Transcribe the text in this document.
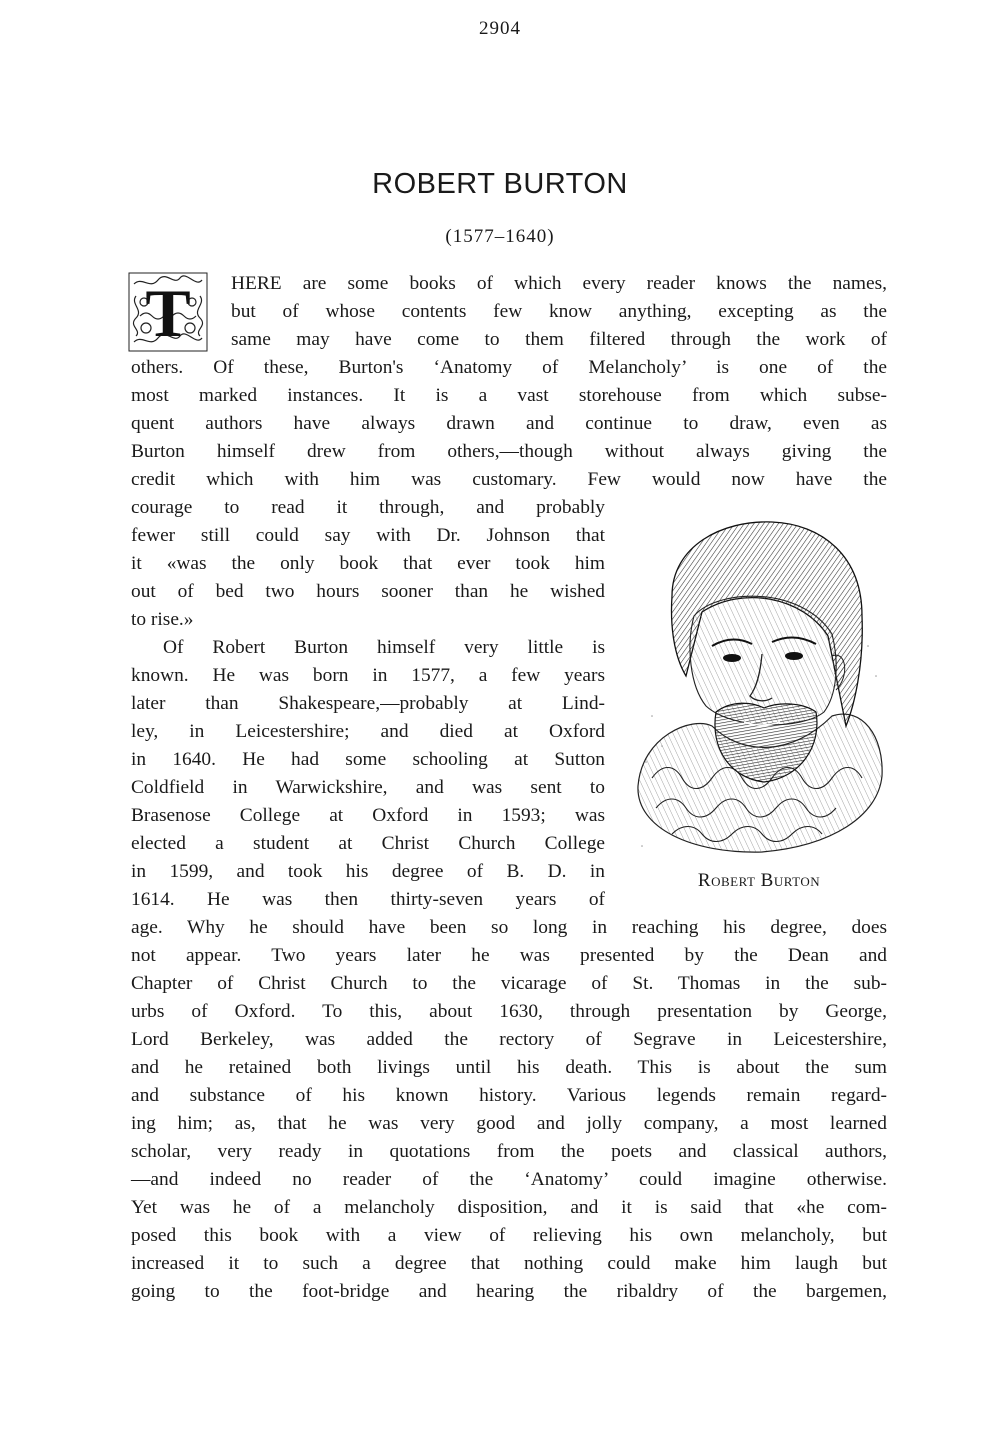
2904
ROBERT BURTON
(1577–1640)
T HERE are some books of which every reader knows the names,
but of whose contents few know anything, excepting as the
same may have come to them filtered through the work of
others. Of these, Burton's ‘Anatomy of Melancholy’ is one of the
most marked instances. It is a vast storehouse from which subse-
quent authors have always drawn and continue to draw, even as
Burton himself drew from others,—though without always giving the
credit which with him was customary. Few would now have the
courage to read it through, and probably
fewer still could say with Dr. Johnson that
it «was the only book that ever took him
out of bed two hours sooner than he wished
to rise.»
Of Robert Burton himself very little is
known. He was born in 1577, a few years
later than Shakespeare,—probably at Lind-
ley, in Leicestershire; and died at Oxford
in 1640. He had some schooling at Sutton
Coldfield in Warwickshire, and was sent to
Brasenose College at Oxford in 1593; was
elected a student at Christ Church College
in 1599, and took his degree of B. D. in
1614. He was then thirty-seven years of
age. Why he should have been so long in reaching his degree, does
not appear. Two years later he was presented by the Dean and
Chapter of Christ Church to the vicarage of St. Thomas in the sub-
urbs of Oxford. To this, about 1630, through presentation by George,
Lord Berkeley, was added the rectory of Segrave in Leicestershire,
and he retained both livings until his death. This is about the sum
and substance of his known history. Various legends remain regard-
ing him; as, that he was very good and jolly company, a most learned
scholar, very ready in quotations from the poets and classical authors,
—and indeed no reader of the ‘Anatomy’ could imagine otherwise.
Yet was he of a melancholy disposition, and it is said that «he com-
posed this book with a view of relieving his own melancholy, but
increased it to such a degree that nothing could make him laugh but
going to the foot-bridge and hearing the ribaldry of the bargemen,
Robert Burton
